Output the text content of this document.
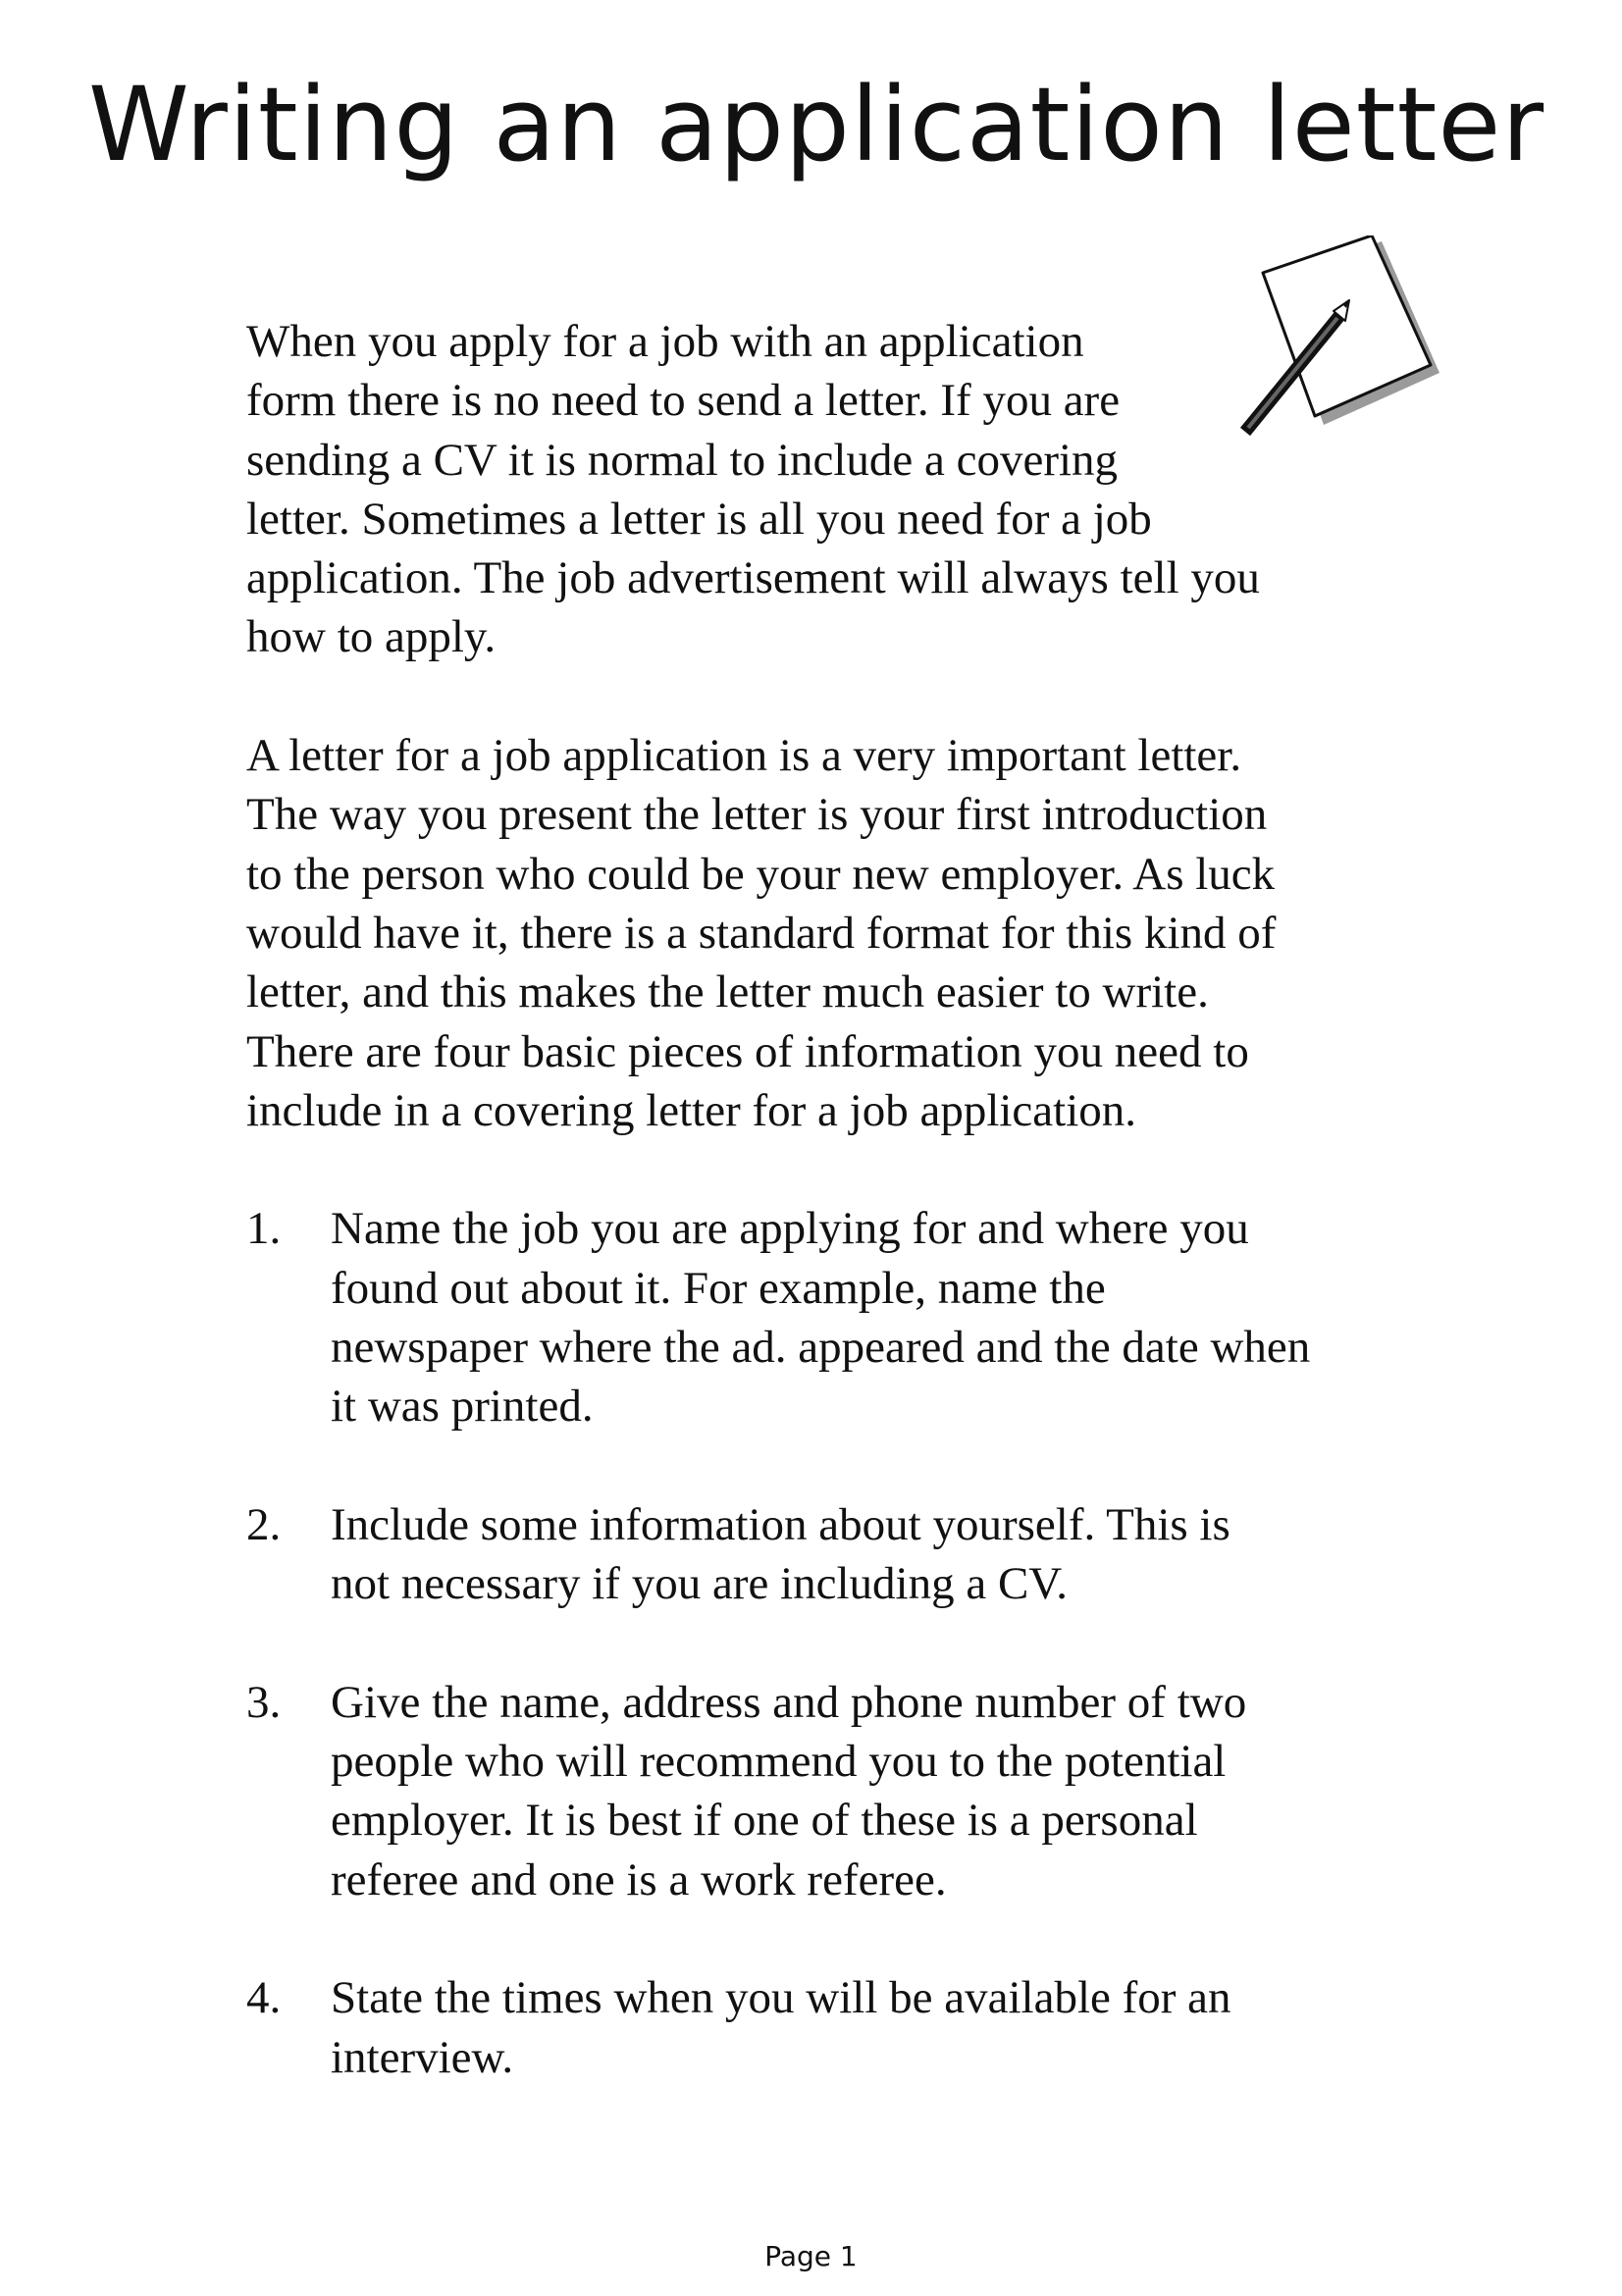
Writing an application letter

When you apply for a job with an application
form there is no need to send a letter. If you are
sending a CV it is normal to include a covering
letter. Sometimes a letter is all you need for a job
application. The job advertisement will always tell you
how to apply.

A letter for a job application is a very important letter.
The way you present the letter is your first introduction
to the person who could be your new employer. As luck
would have it, there is a standard format for this kind of
letter, and this makes the letter much easier to write.
There are four basic pieces of information you need to
include in a covering letter for a job application.

1.	Name the job you are applying for and where you
found out about it. For example, name the
newspaper where the ad. appeared and the date when
it was printed.
2.	Include some information about yourself. This is
not necessary if you are including a CV.
3.	Give the name, address and phone number of two
people who will recommend you to the potential
employer. It is best if one of these is a personal
referee and one is a work referee.
4.	State the times when you will be available for an
interview.
Page 1
